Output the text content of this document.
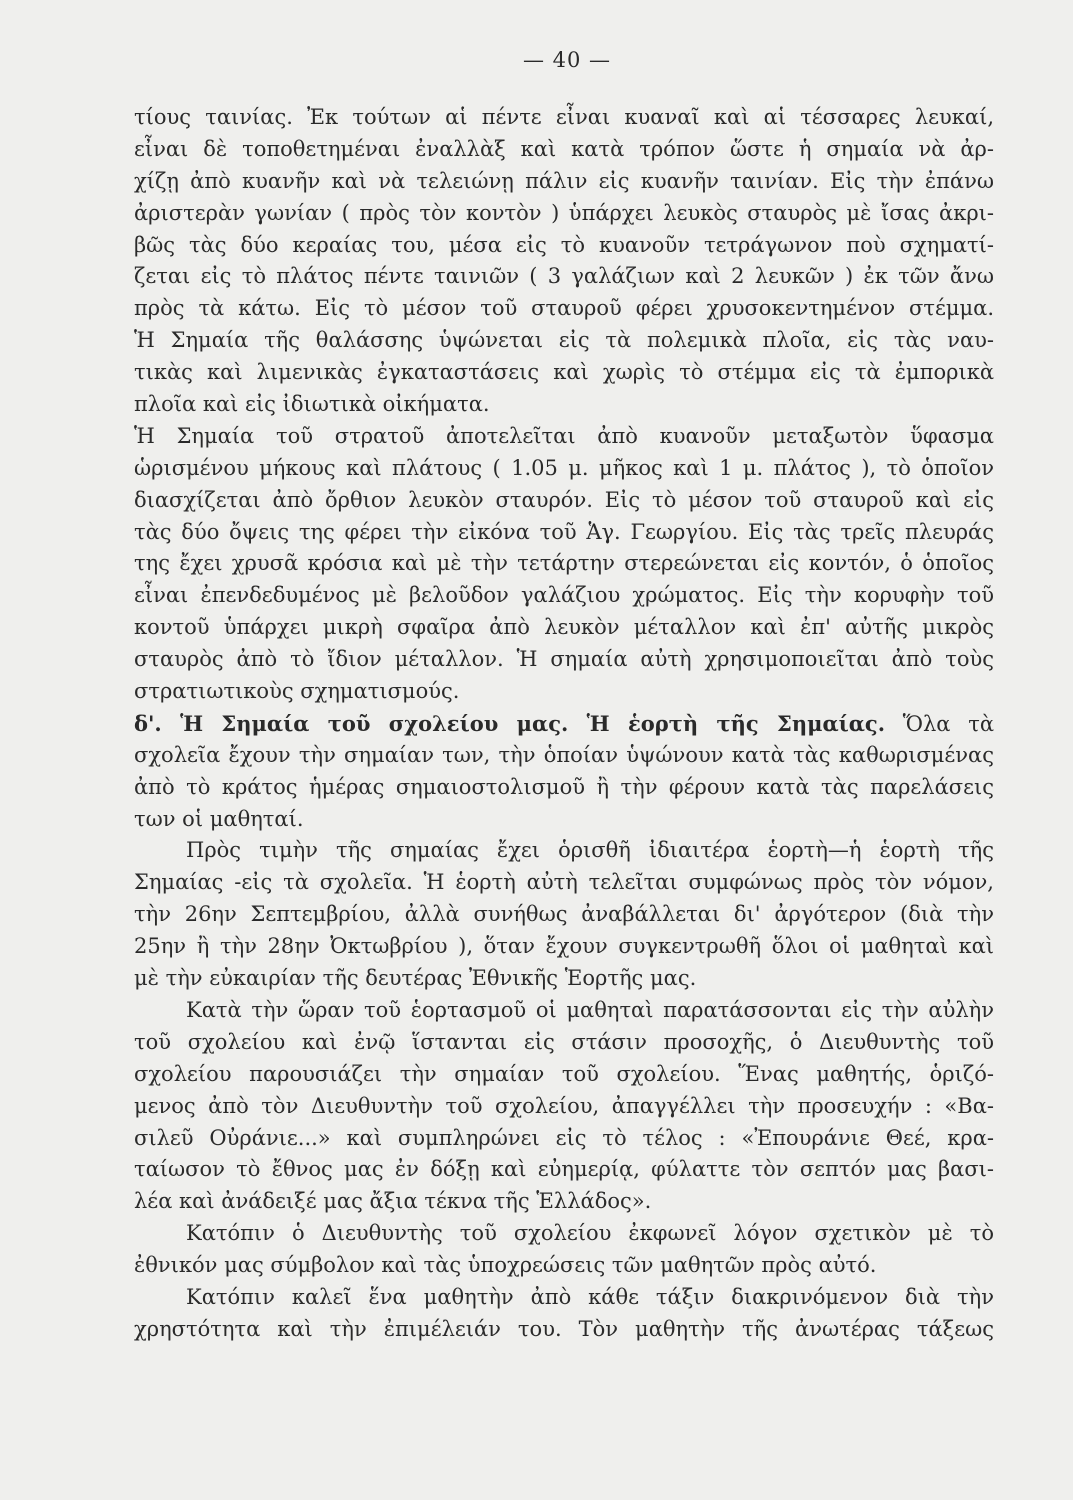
— 40 —
τίους ταινίας. Ἐκ τούτων αἱ πέντε εἶναι κυαναῖ καὶ αἱ τέσσαρες λευκαί,
εἶναι δὲ τοποθετημέναι ἐναλλὰξ καὶ κατὰ τρόπον ὥστε ἡ σημαία νὰ ἀρ-
χίζῃ ἀπὸ κυανῆν καὶ νὰ τελειώνῃ πάλιν εἰς κυανῆν ταινίαν. Εἰς τὴν ἐπάνω
ἀριστερὰν γωνίαν ( πρὸς τὸν κοντὸν ) ὑπάρχει λευκὸς σταυρὸς μὲ ἴσας ἀκρι-
βῶς τὰς δύο κεραίας του, μέσα εἰς τὸ κυανοῦν τετράγωνον ποὺ σχηματί-
ζεται εἰς τὸ πλάτος πέντε ταινιῶν ( 3 γαλάζιων καὶ 2 λευκῶν ) ἐκ τῶν ἄνω
πρὸς τὰ κάτω. Εἰς τὸ μέσον τοῦ σταυροῦ φέρει χρυσοκεντημένον στέμμα.
Ἡ Σημαία τῆς θαλάσσης ὑψώνεται εἰς τὰ πολεμικὰ πλοῖα, εἰς τὰς ναυ-
τικὰς καὶ λιμενικὰς ἐγκαταστάσεις καὶ χωρὶς τὸ στέμμα εἰς τὰ ἐμπορικὰ
πλοῖα καὶ εἰς ἰδιωτικὰ οἰκήματα.
Ἡ Σημαία τοῦ στρατοῦ ἀποτελεῖται ἀπὸ κυανοῦν μεταξωτὸν ὕφασμα
ὡρισμένου μήκους καὶ πλάτους ( 1.05 μ. μῆκος καὶ 1 μ. πλάτος ), τὸ ὁποῖον
διασχίζεται ἀπὸ ὄρθιον λευκὸν σταυρόν. Εἰς τὸ μέσον τοῦ σταυροῦ καὶ εἰς
τὰς δύο ὄψεις της φέρει τὴν εἰκόνα τοῦ Ἁγ. Γεωργίου. Εἰς τὰς τρεῖς πλευράς
της ἔχει χρυσᾶ κρόσια καὶ μὲ τὴν τετάρτην στερεώνεται εἰς κοντόν, ὁ ὁποῖος
εἶναι ἐπενδεδυμένος μὲ βελοῦδον γαλάζιου χρώματος. Εἰς τὴν κορυφὴν τοῦ
κοντοῦ ὑπάρχει μικρὴ σφαῖρα ἀπὸ λευκὸν μέταλλον καὶ ἐπ' αὐτῆς μικρὸς
σταυρὸς ἀπὸ τὸ ἴδιον μέταλλον. Ἡ σημαία αὐτὴ χρησιμοποιεῖται ἀπὸ τοὺς
στρατιωτικοὺς σχηματισμούς.
δ'. Ἡ Σημαία τοῦ σχολείου μας. Ἡ ἑορτὴ τῆς Σημαίας. Ὅλα τὰ
σχολεῖα ἔχουν τὴν σημαίαν των, τὴν ὁποίαν ὑψώνουν κατὰ τὰς καθωρισμένας
ἀπὸ τὸ κράτος ἡμέρας σημαιοστολισμοῦ ἢ τὴν φέρουν κατὰ τὰς παρελάσεις
των οἱ μαθηταί.
Πρὸς τιμὴν τῆς σημαίας ἔχει ὁρισθῆ ἰδιαιτέρα ἑορτὴ—ἡ ἑορτὴ τῆς
Σημαίας -εἰς τὰ σχολεῖα. Ἡ ἑορτὴ αὐτὴ τελεῖται συμφώνως πρὸς τὸν νόμον,
τὴν 26ην Σεπτεμβρίου, ἀλλὰ συνήθως ἀναβάλλεται δι' ἀργότερον (διὰ τὴν
25ην ἢ τὴν 28ην Ὀκτωβρίου ), ὅταν ἔχουν συγκεντρωθῆ ὅλοι οἱ μαθηταὶ καὶ
μὲ τὴν εὐκαιρίαν τῆς δευτέρας Ἐθνικῆς Ἑορτῆς μας.
Κατὰ τὴν ὥραν τοῦ ἑορτασμοῦ οἱ μαθηταὶ παρατάσσονται εἰς τὴν αὐλὴν
τοῦ σχολείου καὶ ἐνῷ ἵστανται εἰς στάσιν προσοχῆς, ὁ Διευθυντὴς τοῦ
σχολείου παρουσιάζει τὴν σημαίαν τοῦ σχολείου. Ἕνας μαθητής, ὁριζό-
μενος ἀπὸ τὸν Διευθυντὴν τοῦ σχολείου, ἀπαγγέλλει τὴν προσευχήν : «Βα-
σιλεῦ Οὐράνιε...» καὶ συμπληρώνει εἰς τὸ τέλος : «Ἐπουράνιε Θεέ, κρα-
ταίωσον τὸ ἔθνος μας ἐν δόξῃ καὶ εὐημερίᾳ, φύλαττε τὸν σεπτόν μας βασι-
λέα καὶ ἀνάδειξέ μας ἄξια τέκνα τῆς Ἑλλάδος».
Κατόπιν ὁ Διευθυντὴς τοῦ σχολείου ἐκφωνεῖ λόγον σχετικὸν μὲ τὸ
ἐθνικόν μας σύμβολον καὶ τὰς ὑποχρεώσεις τῶν μαθητῶν πρὸς αὐτό.
Κατόπιν καλεῖ ἕνα μαθητὴν ἀπὸ κάθε τάξιν διακρινόμενον διὰ τὴν
χρηστότητα καὶ τὴν ἐπιμέλειάν του. Τὸν μαθητὴν τῆς ἀνωτέρας τάξεως
